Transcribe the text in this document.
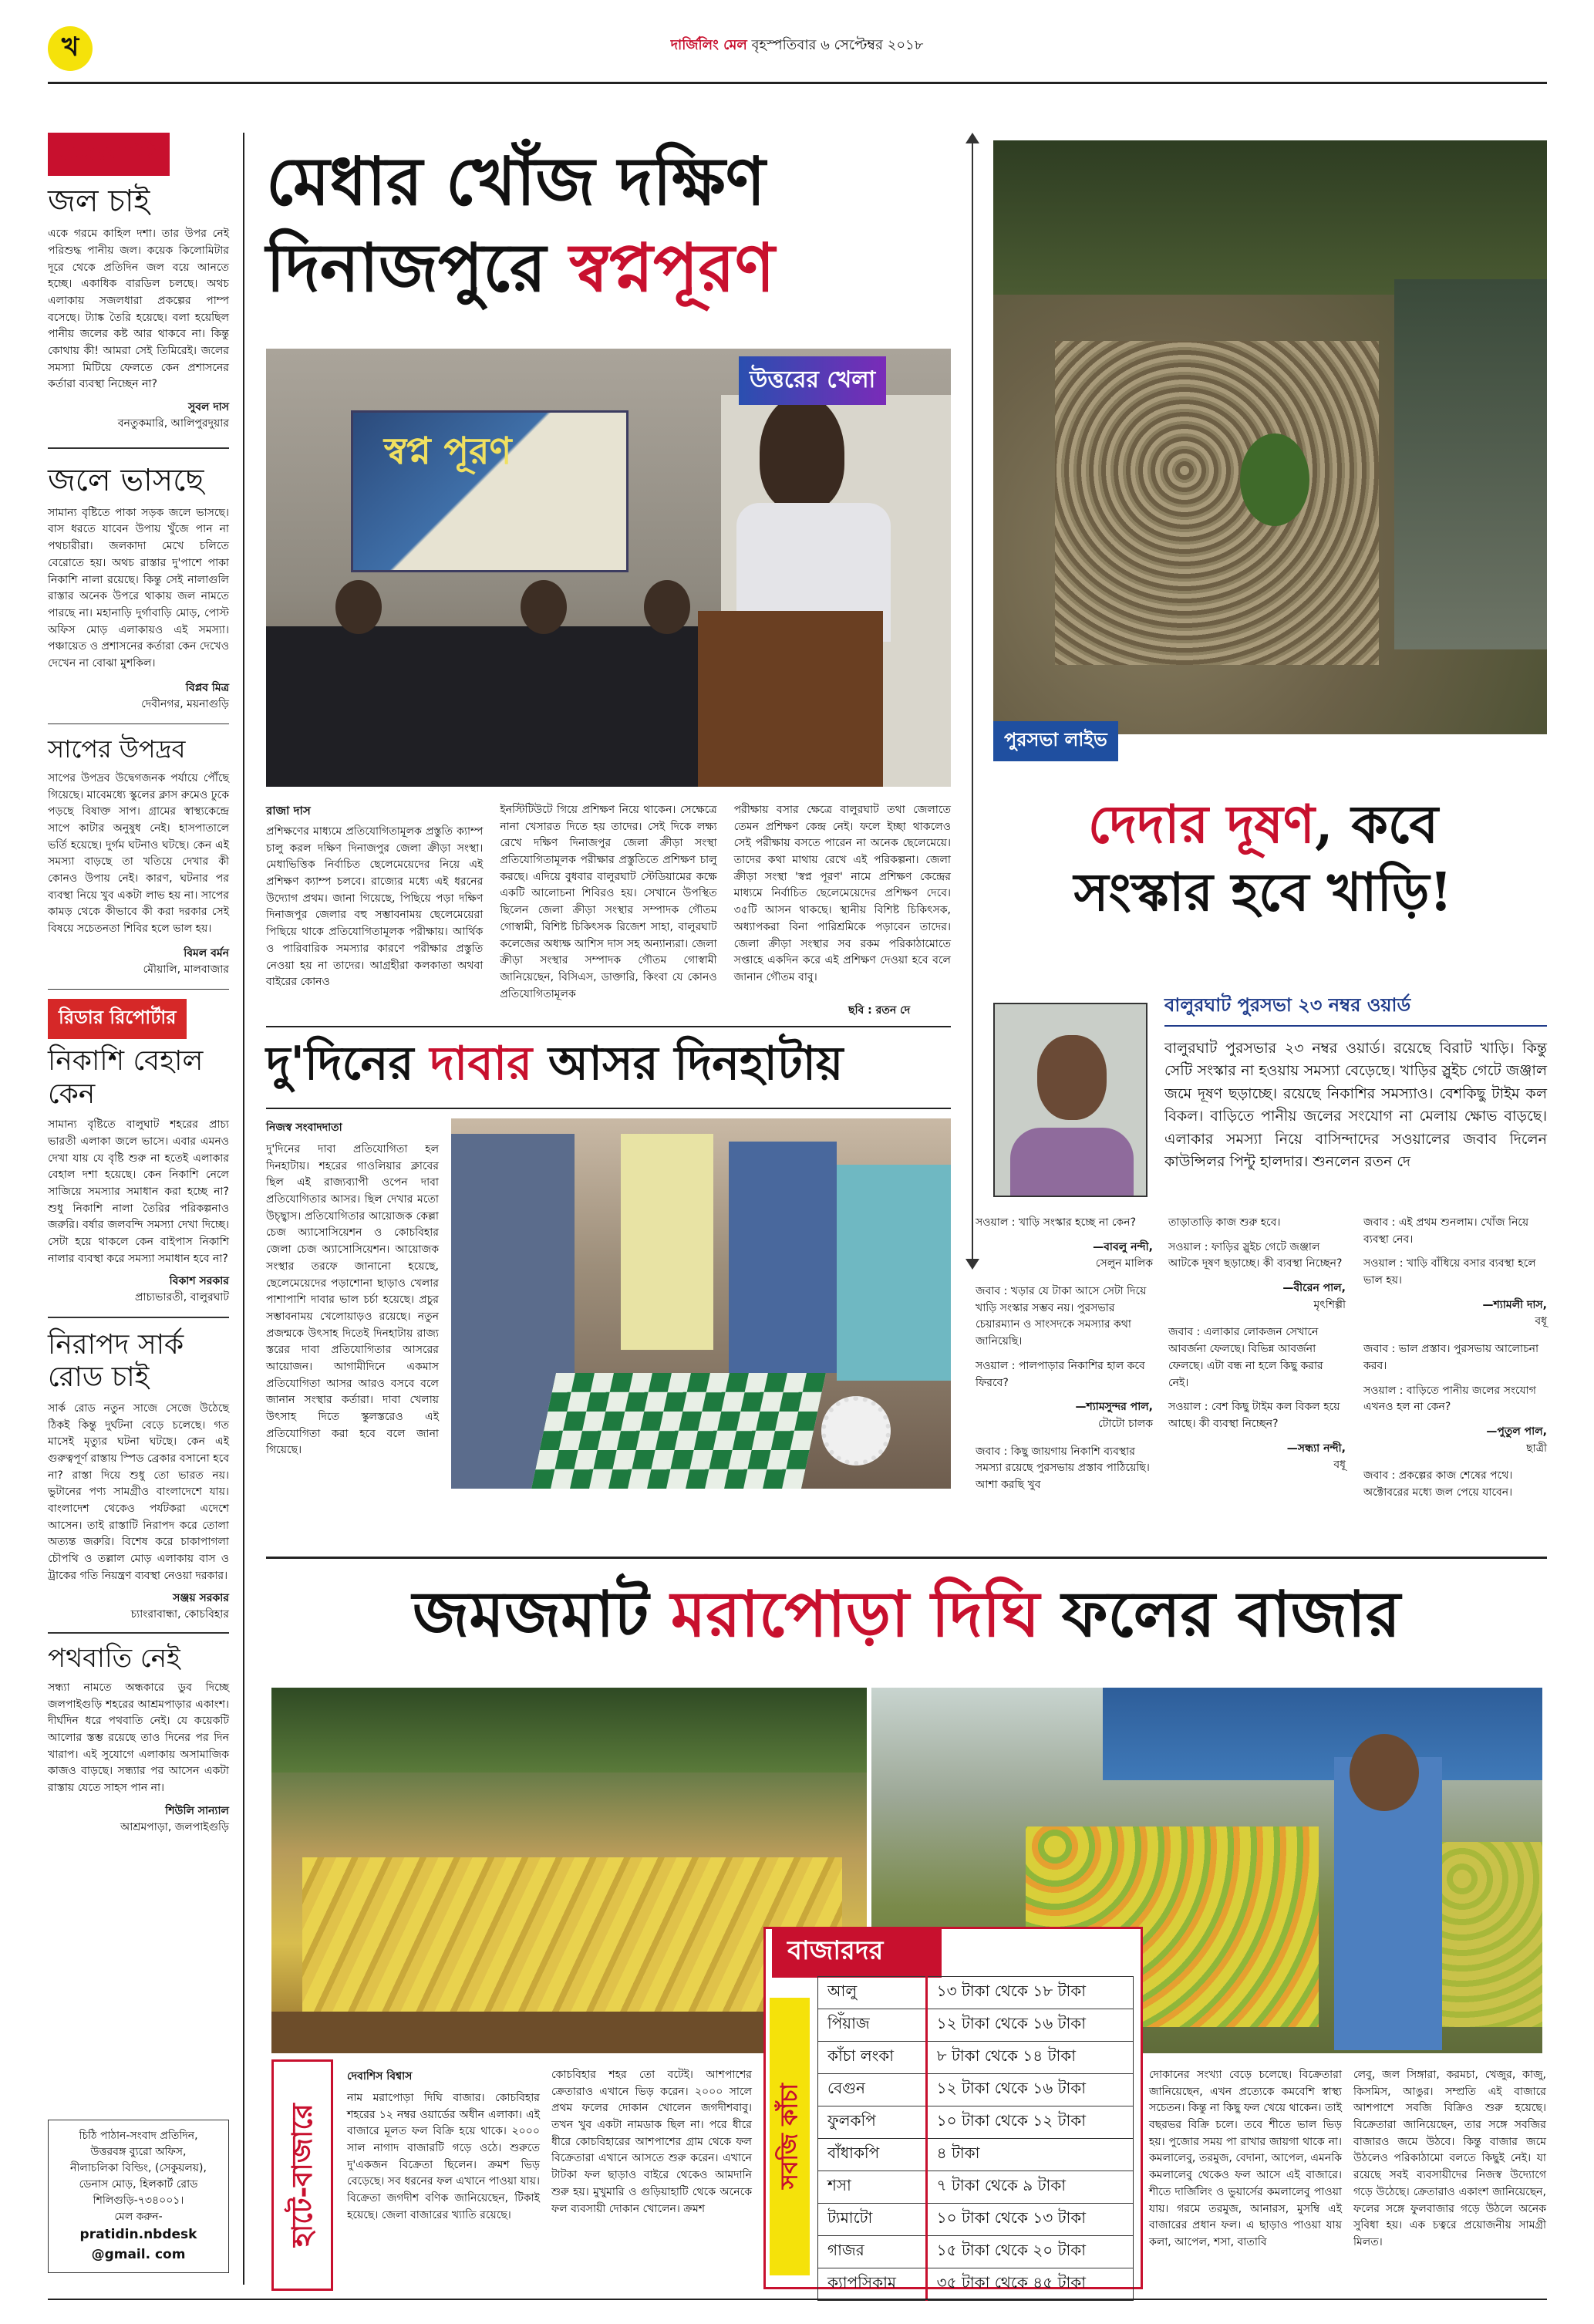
খ	দার্জিলিং মেল বৃহস্পতিবার ৬ সেপ্টেম্বর ২০১৮
উত্তরের চিঠি
জল চাই
একে গরমে কাহিল দশা। তার উপর নেই পরিশুদ্ধ পানীয় জল। কয়েক কিলোমিটার দূরে থেকে প্রতিদিন জল বয়ে আনতে হচ্ছে। একাধিক বারডিল চলছে। অথচ এলাকায় সজলধারা প্রকল্পের পাম্প বসেছে। ট্যাঙ্ক তৈরি হয়েছে। বলা হয়েছিল পানীয় জলের কষ্ট আর থাকবে না। কিন্তু কোথায় কী! আমরা সেই তিমিরেই। জলের সমস্যা মিটিয়ে ফেলতে কেন প্রশাসনের কর্তারা ব্যবস্থা নিচ্ছেন না?
সুবল দাস
বনতুকমারি, আলিপুরদুয়ার
জলে ভাসছে
সামান্য বৃষ্টিতে পাকা সড়ক জলে ভাসছে। বাস ধরতে যাবেন উপায় খুঁজে পান না পথচারীরা। জলকাদা মেখে চলিতে বেরোতে হয়। অথচ রাস্তার দু'পাশে পাকা নিকাশি নালা রয়েছে। কিন্তু সেই নালাগুলি রাস্তার অনেক উপরে থাকায় জল নামতে পারছে না। মহানাড়ি দুর্গাবাড়ি মোড়, পোস্ট অফিস মোড় এলাকায়ও এই সমস্যা। পঞ্চায়েত ও প্রশাসনের কর্তারা কেন দেখেও দেখেন না বোঝা মুশকিল।
বিপ্লব মিত্র
দেবীনগর, ময়নাগুড়ি
সাপের উপদ্রব
সাপের উপদ্রব উদ্বেগজনক পর্যায়ে পৌঁছে গিয়েছে। মাবেমধ্যে স্কুলের ক্লাস রুমেও ঢুকে পড়ছে বিষাক্ত সাপ। গ্রামের স্বাস্থ্যকেন্দ্রে সাপে কাটার অনুষুধ নেই। হাসপাতালে ভর্তি হয়েছে। দুর্গম ঘটনাও ঘটছে। কেন এই সমস্যা বাড়ছে তা খতিয়ে দেখার কী কোনও উপায় নেই। কারণ, ঘটনার পর ব্যবস্থা নিয়ে খুব একটা লাভ হয় না। সাপের কামড় থেকে কীভাবে কী করা দরকার সেই বিষয়ে সচেতনতা শিবির হলে ভাল হয়।
বিমল বর্মন
মৌয়ালি, মালবাজার
রিডার রিপোর্টার
নিকাশি বেহাল কেন
সামান্য বৃষ্টিতে বালুঘাট শহরের প্রাচ্য ভারতী এলাকা জলে ভাসে। এবার এমনও দেখা যায় যে বৃষ্টি শুরু না হতেই এলাকার বেহাল দশা হয়েছে। কেন নিকাশি নেলে সাজিয়ে সমস্যার সমাধান করা হচ্ছে না? শুধু নিকাশি নালা তৈরির পরিকল্পনাও জরুরি। বর্ষার জলবন্দি সমস্যা দেখা দিচ্ছে। সেটা হয়ে থাকলে কেন বাইপাস নিকাশি নালার ব্যবস্থা করে সমস্যা সমাধান হবে না?
বিকাশ সরকার
প্রাচ্যভারতী, বালুরঘাট
নিরাপদ সার্ক রোড চাই
সার্ক রোড নতুন সাজে সেজে উঠেছে ঠিকই কিন্তু দুর্ঘটনা বেড়ে চলেছে। গত মাসেই মৃত্যুর ঘটনা ঘটছে। কেন এই গুরুত্বপূর্ণ রাস্তায় স্পিড ব্রেকার বসানো হবে না? রাস্তা দিয়ে শুধু তো ভারত নয়। ভুটানের পণ্য সামগ্রীও বাংলাদেশে যায়। বাংলাদেশ থেকেও পর্যটকরা এদেশে আসেন। তাই রাস্তাটি নিরাপদ করে তোলা অত্যন্ত জরুরি। বিশেষ করে চাকাপাগলা চৌপথি ও তল্লাল মোড় এলাকায় বাস ও ট্রাকের গতি নিয়ন্ত্রণ ব্যবস্থা নেওয়া দরকার।
সঞ্জয় সরকার
চ্যাংরাবান্ধা, কোচবিহার
পথবাতি নেই
সন্ধ্যা নামতে অন্ধকারে ডুব দিচ্ছে জলপাইগুড়ি শহরের আশ্রমপাড়ার একাংশ। দীর্ঘদিন ধরে পথবাতি নেই। যে কয়েকটি আলোর স্তম্ভ রয়েছে তাও দিনের পর দিন খারাপ। এই সুযোগে এলাকায় অসামাজিক কাজও বাড়ছে। সন্ধ্যার পর আসেন একটা রাস্তায় যেতে সাহস পান না।
শিউলি সান্যাল
আশ্রমপাড়া, জলপাইগুড়ি
চিঠি পাঠান-সংবাদ প্রতিদিন,
উত্তরবঙ্গ ব্যুরো অফিস,
নীলাচলিকা বিল্ডিং, (সেকুয়লয়),
ডেনাস মোড়, হিলকার্ট রোড
শিলিগুড়ি-৭৩৪০০১।
মেল করুন-
pratidin.nbdesk
@gmail. com
মেধার খোঁজ দক্ষিণ
দিনাজপুরে স্বপ্নপূরণ
স্বপ্ন পূরণ
উত্তরের খেলা
রাজা দাস
প্রশিক্ষণের মাধ্যমে প্রতিযোগিতামূলক প্রস্তুতি ক্যাম্প চালু করল দক্ষিণ দিনাজপুর জেলা ক্রীড়া সংস্থা। মেধাভিত্তিক নির্বাচিত ছেলেমেয়েদের নিয়ে এই প্রশিক্ষণ ক্যাম্প চলবে। রাজ্যের মধ্যে এই ধরনের উদ্যোগ প্রথম। জানা গিয়েছে, পিছিয়ে পড়া দক্ষিণ দিনাজপুর জেলার বহু সম্ভাবনাময় ছেলেমেয়েরা পিছিয়ে থাকে প্রতিযোগিতামূলক পরীক্ষায়। আর্থিক ও পারিবারিক সমস্যার কারণে পরীক্ষার প্রস্তুতি নেওয়া হয় না তাদের। আগ্রহীরা কলকাতা অথবা বাইরের কোনও
ইনস্টিটিউটে গিয়ে প্রশিক্ষণ নিয়ে থাকেন। সেক্ষেত্রে নানা খেসারত দিতে হয় তাদের। সেই দিকে লক্ষ্য রেখে দক্ষিণ দিনাজপুর জেলা ক্রীড়া সংস্থা প্রতিযোগিতামূলক পরীক্ষার প্রস্তুতিতে প্রশিক্ষণ চালু করছে। এদিয়ে বুধবার বালুরঘাট স্টেডিয়ামের কক্ষে একটি আলোচনা শিবিরও হয়। সেখানে উপস্থিত ছিলেন জেলা ক্রীড়া সংস্থার সম্পাদক গৌতম গোস্বামী, বিশিষ্ট চিকিৎসক রিজেশ সাহা, বালুরঘাট কলেজের অধ্যক্ষ আশিস দাস সহ অন্যান্যরা। জেলা ক্রীড়া সংস্থার সম্পাদক গৌতম গোস্বামী জানিয়েছেন, বিসিএস, ডাক্তারি, কিংবা যে কোনও প্রতিযোগিতামূলক
পরীক্ষায় বসার ক্ষেত্রে বালুরঘাট তথা জেলাতে তেমন প্রশিক্ষণ কেন্দ্র নেই। ফলে ইচ্ছা থাকলেও সেই পরীক্ষায় বসতে পারেন না অনেক ছেলেমেয়ে। তাদের কথা মাথায় রেখে এই পরিকল্পনা। জেলা ক্রীড়া সংস্থা 'স্বপ্ন পূরণ' নামে প্রশিক্ষণ কেন্দ্রের মাধ্যমে নির্বাচিত ছেলেমেয়েদের প্রশিক্ষণ দেবে। ৩৫টি আসন থাকছে। স্থানীয় বিশিষ্ট চিকিৎসক, অধ্যাপকরা বিনা পারিশ্রমিকে পড়াবেন তাদের। জেলা ক্রীড়া সংস্থার সব রকম পরিকাঠামোতে সপ্তাহে একদিন করে এই প্রশিক্ষণ দেওয়া হবে বলে জানান গৌতম বাবু।
ছবি : রতন দে
দু'দিনের দাবার আসর দিনহাটায়
নিজস্ব সংবাদদাতা
দু'দিনের দাবা প্রতিযোগিতা হল দিনহাটায়। শহরের গাওলিয়ার ক্লাবের ছিল এই রাজ্যব্যাপী ওপেন দাবা প্রতিযোগিতার আসর। ছিল দেখার মতো উচ্ছ্বাস। প্রতিযোগিতার আয়োজক কেল্লা চেজ অ্যাসোসিয়েশন ও কোচবিহার জেলা চেজ অ্যাসোসিয়েশন। আয়োজক সংস্থার তরফে জানানো হয়েছে, ছেলেমেয়েদের পড়াশোনা ছাড়াও খেলার পাশাপাশি দাবার ভাল চর্চা হয়েছে। প্রচুর সম্ভাবনাময় খেলোয়াড়ও রয়েছে। নতুন প্রজন্মকে উৎসাহ দিতেই দিনহাটায় রাজ্য স্তরের দাবা প্রতিযোগিতার আসরের আয়োজন। আগামীদিনে একমাস প্রতিযোগিতা আসর আরও বসবে বলে জানান সংস্থার কর্তারা। দাবা খেলায় উৎসাহ দিতে স্কুলস্তরেও এই প্রতিযোগিতা করা হবে বলে জানা গিয়েছে।
পুরসভা লাইভ
দেদার দূষণ, কবে
সংস্কার হবে খাড়ি!
বালুরঘাট পুরসভা ২৩ নম্বর ওয়ার্ড
বালুরঘাট পুরসভার ২৩ নম্বর ওয়ার্ড। রয়েছে বিরাট খাড়ি। কিন্তু সেটি সংস্কার না হওয়ায় সমস্যা বেড়েছে। খাড়ির স্লুইচ গেটে জঞ্জাল জমে দূষণ ছড়াচ্ছে। রয়েছে নিকাশির সমস্যাও। বেশকিছু টাইম কল বিকল। বাড়িতে পানীয় জলের সংযোগ না মেলায় ক্ষোভ বাড়ছে। এলাকার সমস্যা নিয়ে বাসিন্দাদের সওয়ালের জবাব দিলেন কাউন্সিলর পিন্টু হালদার। শুনলেন রতন দে

সওয়াল : খাড়ি সংস্কার হচ্ছে না কেন?

—বাবলু নন্দী,
সেলুন মালিক

জবাব : খড়ার যে টাকা আসে সেটা দিয়ে খাড়ি সংস্কার সম্ভব নয়। পুরসভার চেয়ারম্যান ও সাংসদকে সমস্যার কথা জানিয়েছি।

সওয়াল : পালপাড়ার নিকাশির হাল কবে ফিরবে?

—শ্যামসুন্দর পাল,
টোটো চালক

জবাব : কিছু জায়গায় নিকাশি ব্যবস্থার সমস্যা রয়েছে পুরসভায় প্রস্তাব পাঠিয়েছি। আশা করছি খুব

তাড়াতাড়ি কাজ শুরু হবে।

সওয়াল : ফাড়ির স্লুইচ গেটে জঞ্জাল আটকে দূষণ ছড়াচ্ছে। কী ব্যবস্থা নিচ্ছেন?

—বীরেন পাল,
মৃৎশিল্পী

জবাব : এলাকার লোকজন সেখানে আবর্জনা ফেলছে। বিভিন্ন আবর্জনা ফেলছে। এটা বন্ধ না হলে কিছু করার নেই।

সওয়াল : বেশ কিছু টাইম কল বিকল হয়ে আছে। কী ব্যবস্থা নিচ্ছেন?

—সন্ধ্যা নন্দী,
বধূ

জবাব : এই প্রথম শুনলাম। খোঁজ নিয়ে ব্যবস্থা নেব।

সওয়াল : খাড়ি বাঁধিয়ে বসার ব্যবস্থা হলে ভাল হয়।

—শ্যামলী দাস,
বধূ

জবাব : ভাল প্রস্তাব। পুরসভায় আলোচনা করব।

সওয়াল : বাড়িতে পানীয় জলের সংযোগ এখনও হল না কেন?

—পুতুল পাল,
ছাত্রী

জবাব : প্রকল্পের কাজ শেষের পথে। অক্টোবরের মধ্যে জল পেয়ে যাবেন।

জমজমাট মরাপোড়া দিঘি ফলের বাজার
বাজারদর
সবজি কাঁচা
আলু	১৩ টাকা থেকে ১৮ টাকা
পিঁয়াজ	১২ টাকা থেকে ১৬ টাকা
কাঁচা লংকা	৮ টাকা থেকে ১৪ টাকা
বেগুন	১২ টাকা থেকে ১৬ টাকা
ফুলকপি	১০ টাকা থেকে ১২ টাকা
বাঁধাকপি	৪ টাকা
শসা	৭ টাকা থেকে ৯ টাকা
ট্যমাটো	১০ টাকা থেকে ১৩ টাকা
গাজর	১৫ টাকা থেকে ২০ টাকা
ক্যাপসিকাম	৩৫ টাকা থেকে ৪৫ টাকা
হাটে-বাজারে
দেবাশিস বিশ্বাস
নাম মরাপোড়া দিঘি বাজার। কোচবিহার শহরের ১২ নম্বর ওয়ার্ডের অধীন এলাকা। এই বাজারে মূলত ফল বিক্রি হয়ে থাকে। ২০০০ সাল নাগাদ বাজারটি গড়ে ওঠে। শুরুতে দু'একজন বিক্রেতা ছিলেন। ক্রমশ ভিড় বেড়েছে। সব ধরনের ফল এখানে পাওয়া যায়। বিক্রেতা জগদীশ বণিক জানিয়েছেন, টিকাই হয়েছে। জেলা বাজারের খ্যাতি রয়েছে।
কোচবিহার শহর তো বটেই। আশপাশের ক্রেতারাও এখানে ভিড় করেন। ২০০০ সালে প্রথম ফলের দোকান খোলেন জগদীশবাবু। তখন খুব একটা নামডাক ছিল না। পরে ধীরে ধীরে কোচবিহারের আশপাশের গ্রাম থেকে ফল বিক্রেতারা এখানে আসতে শুরু করেন। এখানে টাটকা ফল ছাড়াও বাইরে থেকেও আমদানি শুরু হয়। মুখুমারি ও গুড়িয়াহাটি থেকে অনেকে ফল ব্যবসায়ী দোকান খোলেন। ক্রমশ
দোকানের সংখ্যা বেড়ে চলেছে। বিক্রেতারা জানিয়েছেন, এখন প্রত্যেকে কমবেশি স্বাস্থ্য সচেতন। কিন্তু না কিছু ফল খেয়ে থাকেন। তাই বছরভর বিক্রি চলে। তবে শীতে ভাল ভিড় হয়। পুজোর সময় পা রাখার জায়গা থাকে না। কমলালেবু, তরমুজ, বেদানা, আপেল, এমনকি কমলালেবু থেকেও ফল আসে এই বাজারে। শীতে দার্জিলিং ও ভুয়ার্সের কমলালেবু পাওয়া যায়। গরমে তরমুজ, আনারস, মুসম্বি এই বাজারের প্রধান ফল। এ ছাড়াও পাওয়া যায় কলা, আপেল, শসা, বাতাবি
লেবু, জল সিঙ্গারা, করমচা, খেজুর, কাজু, কিসমিস, আঙুর। সম্প্রতি এই বাজারে আশপাশে সবজি বিক্রিও শুরু হয়েছে। বিক্রেতারা জানিয়েছেন, তার সঙ্গে সবজির বাজারও জমে উঠবে। কিন্তু বাজার জমে উঠলেও পরিকাঠামো বলতে কিছুই নেই। যা রয়েছে সবই ব্যবসায়ীদের নিজস্ব উদ্যোগে গড়ে উঠেছে। ক্রেতারাও একাংশ জানিয়েছেন, ফলের সঙ্গে ফুলবাজার গড়ে উঠলে অনেক সুবিধা হয়। এক চত্বরে প্রয়োজনীয় সামগ্রী মিলত।
